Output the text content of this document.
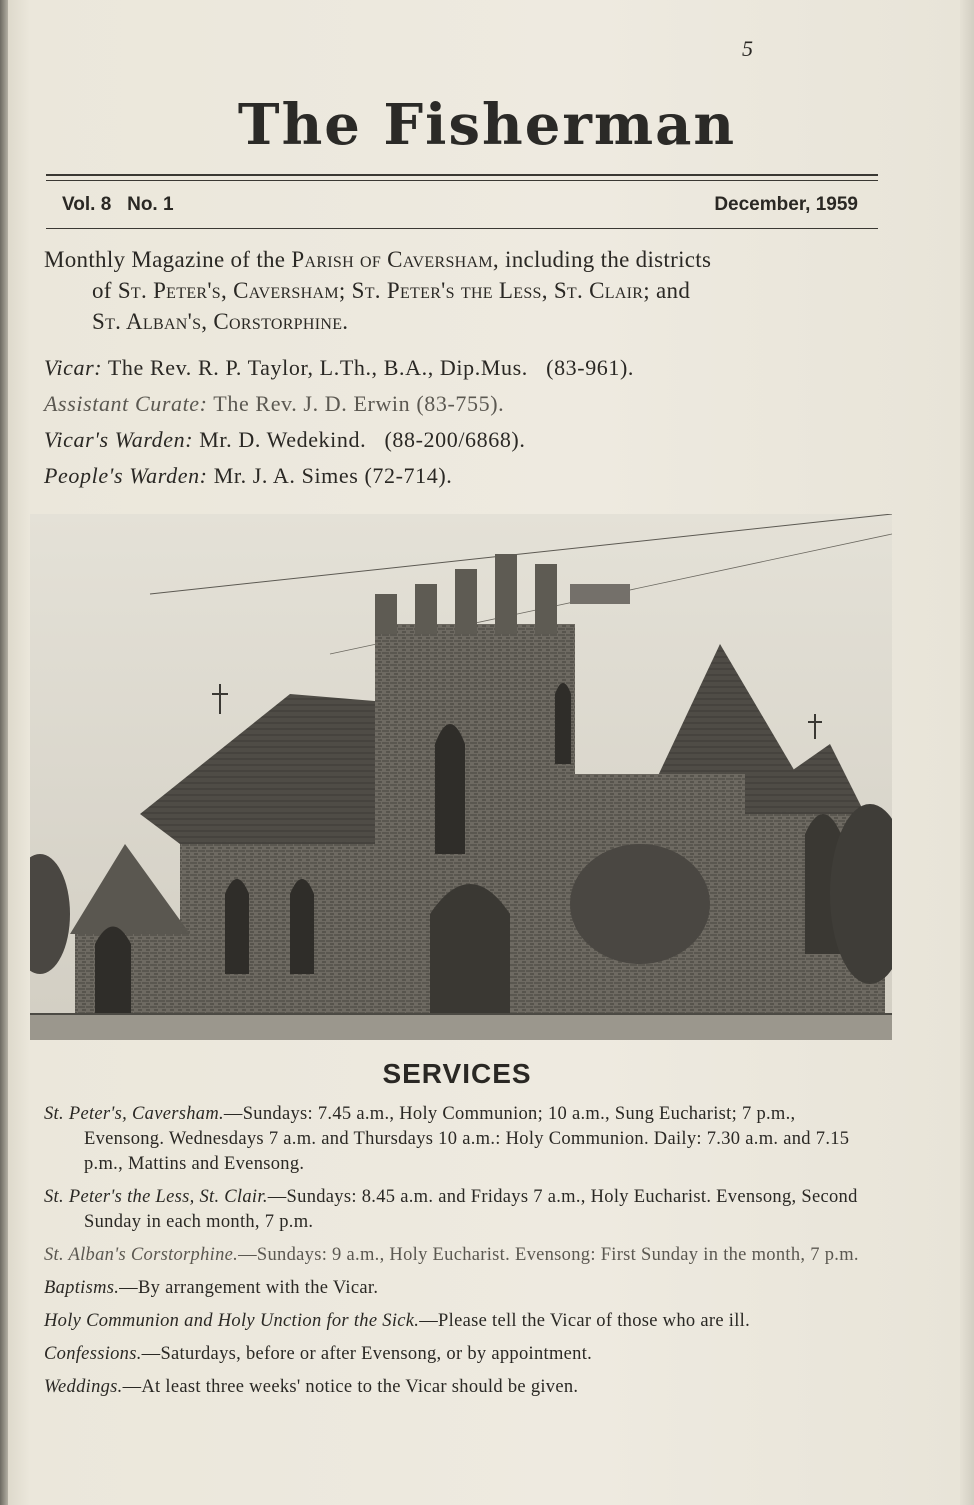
5
The Fisherman
Vol. 8   No. 1	December, 1959
Monthly Magazine of the Parish of Caversham, including the districts
of St. Peter's, Caversham; St. Peter's the Less, St. Clair; and
St. Alban's, Corstorphine.
Vicar: The Rev. R. P. Taylor, L.Th., B.A., Dip.Mus.   (83-961).
Assistant Curate: The Rev. J. D. Erwin (83-755).
Vicar's Warden: Mr. D. Wedekind.   (88-200/6868).
People's Warden: Mr. J. A. Simes (72-714).
SERVICES
St. Peter's, Caversham.—Sundays: 7.45 a.m., Holy Communion; 10 a.m., Sung Eucharist; 7 p.m., Evensong. Wednesdays 7 a.m. and Thursdays 10 a.m.: Holy Communion. Daily: 7.30 a.m. and 7.15 p.m., Mattins and Evensong.
St. Peter's the Less, St. Clair.—Sundays: 8.45 a.m. and Fridays 7 a.m., Holy Eucharist. Evensong, Second Sunday in each month, 7 p.m.
St. Alban's Corstorphine.—Sundays: 9 a.m., Holy Eucharist. Evensong: First Sunday in the month, 7 p.m.
Baptisms.—By arrangement with the Vicar.
Holy Communion and Holy Unction for the Sick.—Please tell the Vicar of those who are ill.
Confessions.—Saturdays, before or after Evensong, or by appointment.
Weddings.—At least three weeks' notice to the Vicar should be given.
